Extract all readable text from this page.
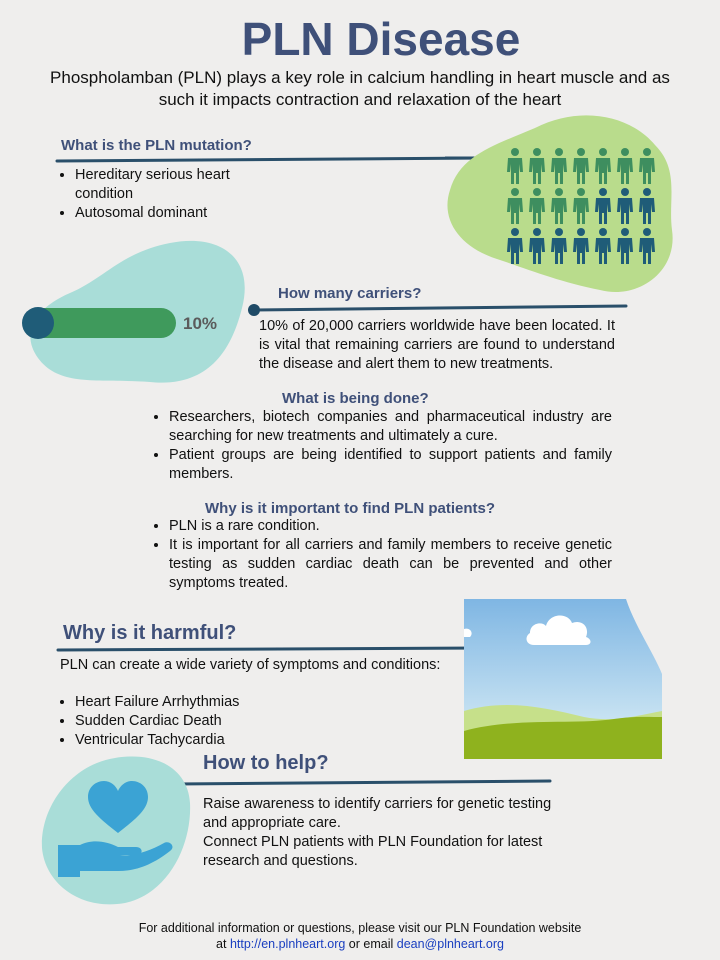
PLN Disease
Phospholamban (PLN) plays a key role in calcium handling in heart muscle and as such it impacts contraction and relaxation of the heart
What is the PLN mutation?
• Hereditary serious heart condition
• Autosomal dominant
10%
How many carriers?
10% of 20,000 carriers worldwide have been located. It is vital that remaining carriers are found to understand the disease and alert them to new treatments.
What is being done?
• Researchers, biotech companies and pharmaceutical industry are searching for new treatments and ultimately a cure.
• Patient groups are being identified to support patients and family members.
Why is it important to find PLN patients?
• PLN is a rare condition.
• It is important for all carriers and family members to receive genetic testing as sudden cardiac death can be prevented and other symptoms treated.
Why is it harmful?
PLN can create a wide variety of symptoms and conditions:
• Heart Failure Arrhythmias
• Sudden Cardiac Death
• Ventricular Tachycardia
How to help?
Raise awareness to identify carriers for genetic testing and appropriate care.
Connect PLN patients with PLN Foundation for latest research and questions.
For additional information or questions, please visit our PLN Foundation website
at http://en.plnheart.org or email dean@plnheart.org
